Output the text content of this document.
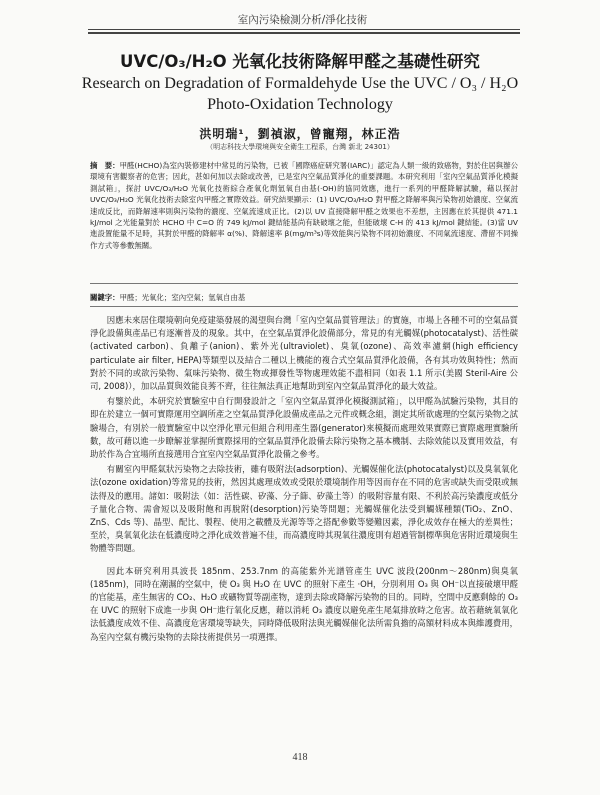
室內污染檢測分析/淨化技術
UVC/O₃/H₂O 光氧化技術降解甲醛之基礎性研究
Research on Degradation of Formaldehyde Use the UVC / O₃ / H₂O
Photo-Oxidation Technology
洪明瑞¹，劉禎淑，曾寵翔，林正浩
（明志科技大學環境與安全衛生工程系，台灣 新北 24301）
摘　要：甲醛(HCHO)為室內裝修建材中常見的污染物，已被「國際癌症研究署(IARC)」認定為人類一級的致癌物，對於住居與辦公環境有害觀察者的危害；因此，甚如何加以去除或改善，已是室內空氣品質淨化的重要課題。本研究利用「室內空氣品質淨化模擬測試箱」，探討 UVC/O₃/H₂O 光氧化技術綜合產氧化劑氫氧自由基(·OH)的協同效應，進行一系列的甲醛降解試驗，藉以探討 UVC/O₃/H₂O 光氧化技術去除室內甲醛之實際效益。研究結果顯示：(1) UVC/O₃/H₂O 對甲醛之降解率與污染物初始濃度、空氣流速成反比，而降解速率則與污染物的濃度、空氣流速成正比。(2)以 UV 直接降解甲醛之效果也不差想，主因應在於其提供 471.1 kJ/mol 之光能量對於 HCHO 中 C=O 的 749 kJ/mol 鍵結能基尚有缺破壞之能，但能破壞 C-H 的 413 kJ/mol 鍵結能。(3)當 UV 進設置能量不足時，其對於甲醛的降解率 α(%)、降解速率 β(mg/m³s)等效能與污染物不同初始濃度、不同氣流速度、滯留不同操作方式等參數無關。
關鍵字：甲醛；光氧化；室內空氣；氫氧自由基

因應未來居住環境朝向免疫建築發展的渴望與台灣「室內空氣品質管理法」的實施，市場上各種不可的空氣品質淨化設備與產品已有逐漸普及的現象。其中，在空氣品質淨化設備部分，常見的有光觸媒(photocatalyst)、活性碳(activated carbon)、負離子(anion)、紫外光(ultraviolet)、臭氧(ozone)、高效率濾網(high efficiency particulate air filter, HEPA)等類型以及結合二種以上機能的複合式空氣品質淨化設備，各有其功效與特性；然而對於不同的或欲污染物、氣味污染物、微生物或揮發性等物處理效能不盡相同（如表 1.1 所示(美國 Steril-Aire 公司, 2008)），加以品質與效能良莠不齊，往往無法真正地幫助到室內空氣品質淨化的最大效益。

有鑒於此，本研究於實驗室中自行開發設計之「室內空氣品質淨化模擬測試箱」，以甲醛為試驗污染物，其目的即在於建立一個可實際運用空調所產之空氣品質淨化設備成產品之元件或概念組，測定其所欲處理的空氣污染物之試驗場合，有別於一般實驗室中以空淨化單元但組合利用產生器(generator)來模擬而處理效果實際已實際處理實驗所數，故可藉以進一步瞭解並掌握所實際採用的空氣品質淨化設備去除污染物之基本機制、去除效能以及實用效益，有助於作為合宜場所直接選用合宜室內空氣品質淨化設備之參考。

有關室內甲醛氣狀污染物之去除技術，雖有吸附法(adsorption)、光觸媒催化法(photocatalyst)以及臭氧氧化法(ozone oxidation)等常見的技術，然因其處理成效或受限於環境制作用等因而存在不同的危害或缺失而受限或無法得及的應用。諸如：吸附法（如：活性碳、矽藻、分子篩、矽藻土等）的吸附容量有限、不利於高污染濃度或低分子量化合物、需會短以及吸附飽和再脫附(desorption)污染等問題；光觸媒催化法受到觸媒種類(TiO₂、ZnO、ZnS、Cds 等)、晶型、配比、製程、使用之載體及光源等等之搭配參數等變難因素，淨化成效存在極大的差異性；至於，臭氧氧化法在低濃度時之淨化成效普遍不佳，而高濃度時其現氧往濃度則有超過管制標準與危害附近環境與生物體等問題。

因此本研究利用具波長 185nm、253.7nm 的高能紫外光譜管產生 UVC 波段(200nm～280nm)與臭氧(185nm)，同時在潮濕的空氣中，使 O₃ 與 H₂O 在 UVC 的照射下產生 ·OH，分別利用 O₃ 與 OH⁻以直接破壞甲醛的官能基，產生無害的 CO₂、H₂O 或礦物質等副產物，達到去除或降解污染物的目的。同時，空間中反應剩餘的 O₃ 在 UVC 的照射下成進一步與 OH⁻進行氧化反應，藉以消耗 O₃ 濃度以避免產生尾氣排放時之危害。故若藉統氧氧化法低濃度成效不佳、高濃度危害環境等缺失，同時降低吸附法與光觸媒催化法所需負擔的高額材料成本與維護費用，為室內空氣有機污染物的去除技術提供另一項選擇。

418
